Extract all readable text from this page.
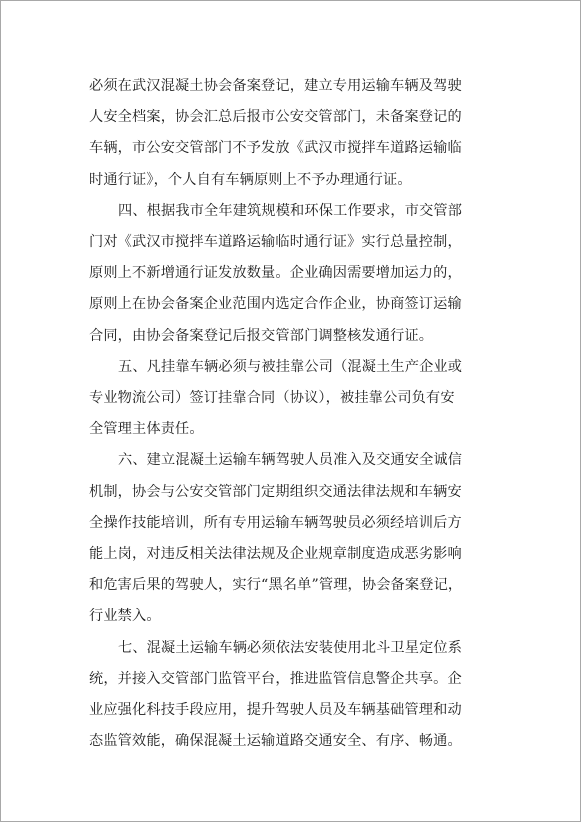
必须在武汉混凝土协会备案登记，建立专用运输车辆及驾驶
人安全档案，协会汇总后报市公安交管部门，未备案登记的
车辆，市公安交管部门不予发放《武汉市搅拌车道路运输临
时通行证》，个人自有车辆原则上不予办理通行证。

四、根据我市全年建筑规模和环保工作要求，市交管部
门对《武汉市搅拌车道路运输临时通行证》实行总量控制，
原则上不新增通行证发放数量。企业确因需要增加运力的，
原则上在协会备案企业范围内选定合作企业，协商签订运输
合同，由协会备案登记后报交管部门调整核发通行证。

五、凡挂靠车辆必须与被挂靠公司（混凝土生产企业或
专业物流公司）签订挂靠合同（协议），被挂靠公司负有安
全管理主体责任。

六、建立混凝土运输车辆驾驶人员准入及交通安全诚信
机制，协会与公安交管部门定期组织交通法律法规和车辆安
全操作技能培训，所有专用运输车辆驾驶员必须经培训后方
能上岗，对违反相关法律法规及企业规章制度造成恶劣影响
和危害后果的驾驶人，实行“黑名单”管理，协会备案登记，
行业禁入。

七、混凝土运输车辆必须依法安装使用北斗卫星定位系
统，并接入交管部门监管平台，推进监管信息警企共享。企
业应强化科技手段应用，提升驾驶人员及车辆基础管理和动
态监管效能，确保混凝土运输道路交通安全、有序、畅通。
